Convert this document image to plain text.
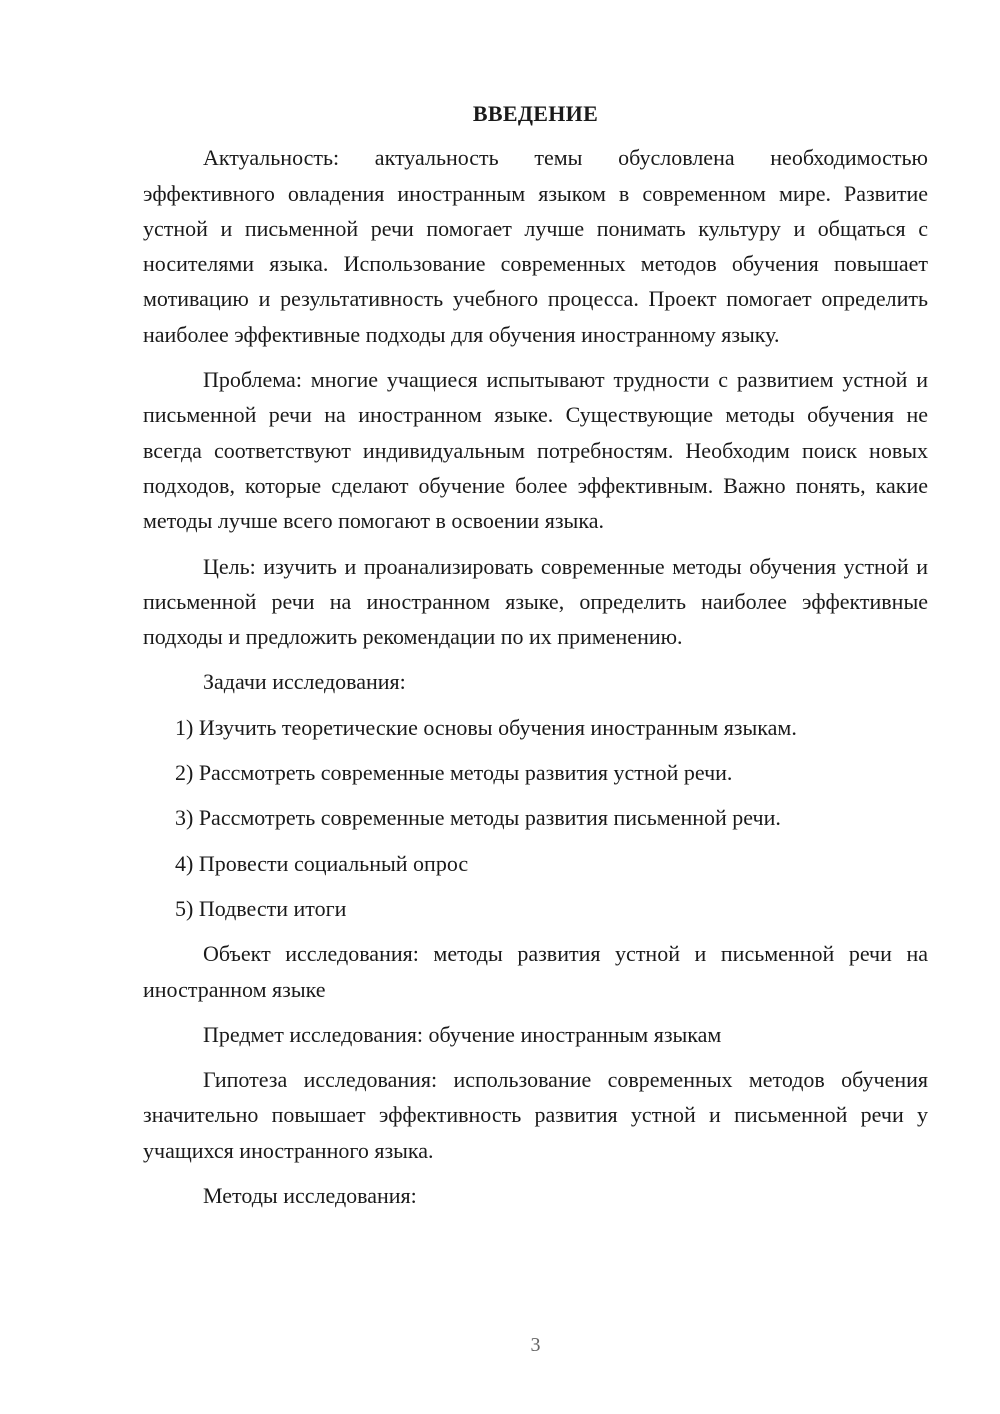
ВВЕДЕНИЕ

Актуальность: актуальность темы обусловлена необходимостью эффективного овладения иностранным языком в современном мире. Развитие устной и письменной речи помогает лучше понимать культуру и общаться с носителями языка. Использование современных методов обучения повышает мотивацию и результативность учебного процесса. Проект помогает определить наиболее эффективные подходы для обучения иностранному языку.

Проблема: многие учащиеся испытывают трудности с развитием устной и письменной речи на иностранном языке. Существующие методы обучения не всегда соответствуют индивидуальным потребностям. Необходим поиск новых подходов, которые сделают обучение более эффективным. Важно понять, какие методы лучше всего помогают в освоении языка.

Цель: изучить и проанализировать современные методы обучения устной и письменной речи на иностранном языке, определить наиболее эффективные подходы и предложить рекомендации по их применению.

Задачи исследования:

1) Изучить теоретические основы обучения иностранным языкам.
2) Рассмотреть современные методы развития устной речи.
3) Рассмотреть современные методы развития письменной речи.
4) Провести социальный опрос
5) Подвести итоги

Объект исследования: методы развития устной и письменной речи на иностранном языке

Предмет исследования: обучение иностранным языкам

Гипотеза исследования: использование современных методов обучения значительно повышает эффективность развития устной и письменной речи у учащихся иностранного языка.

Методы исследования:

3
